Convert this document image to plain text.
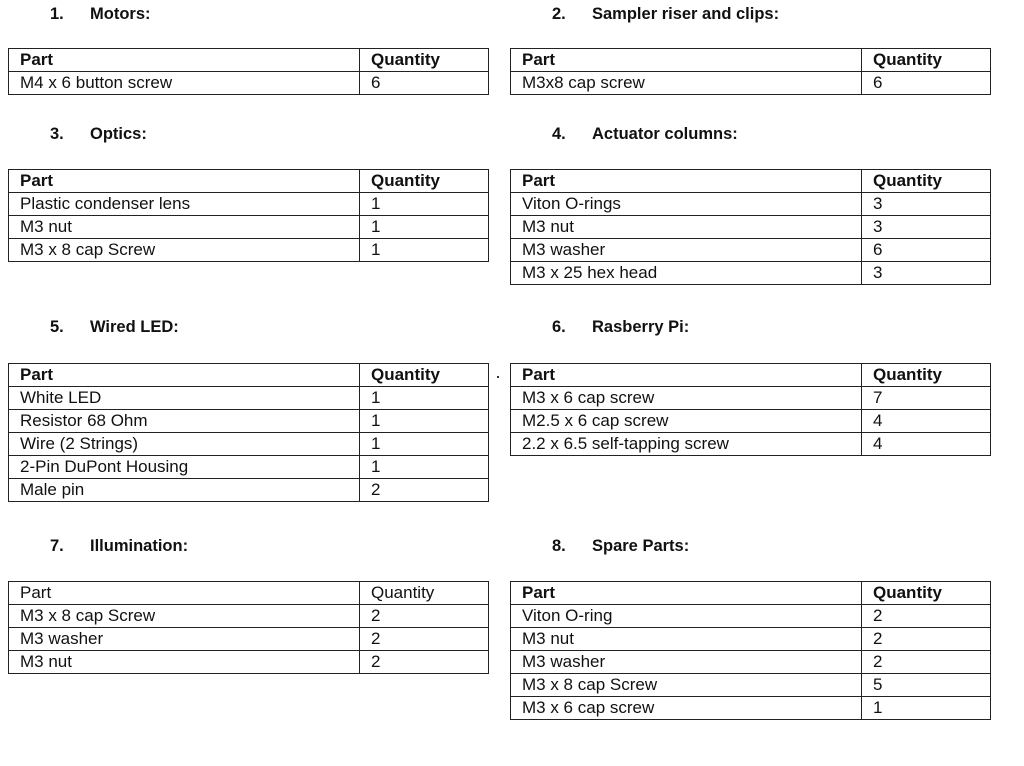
1. Motors:
Part	Quantity
M4 x 6 button screw	6
2. Sampler riser and clips:
Part	Quantity
M3x8 cap screw	6
3. Optics:
Part	Quantity
Plastic condenser lens	1
M3 nut	1
M3 x 8 cap Screw	1
4. Actuator columns:
Part	Quantity
Viton O-rings	3
M3 nut	3
M3 washer	6
M3 x 25 hex head	3
5. Wired LED:
Part	Quantity
White LED	1
Resistor 68 Ohm	1
Wire (2 Strings)	1
2-Pin DuPont Housing	1
Male pin	2
6. Rasberry Pi:
Part	Quantity
M3 x 6 cap screw	7
M2.5 x 6 cap screw	4
2.2 x 6.5 self-tapping screw	4
7. Illumination:
Part	Quantity
M3 x 8 cap Screw	2
M3 washer	2
M3 nut	2
8. Spare Parts:
Part	Quantity
Viton O-ring	2
M3 nut	2
M3 washer	2
M3 x 8 cap Screw	5
M3 x 6 cap screw	1
